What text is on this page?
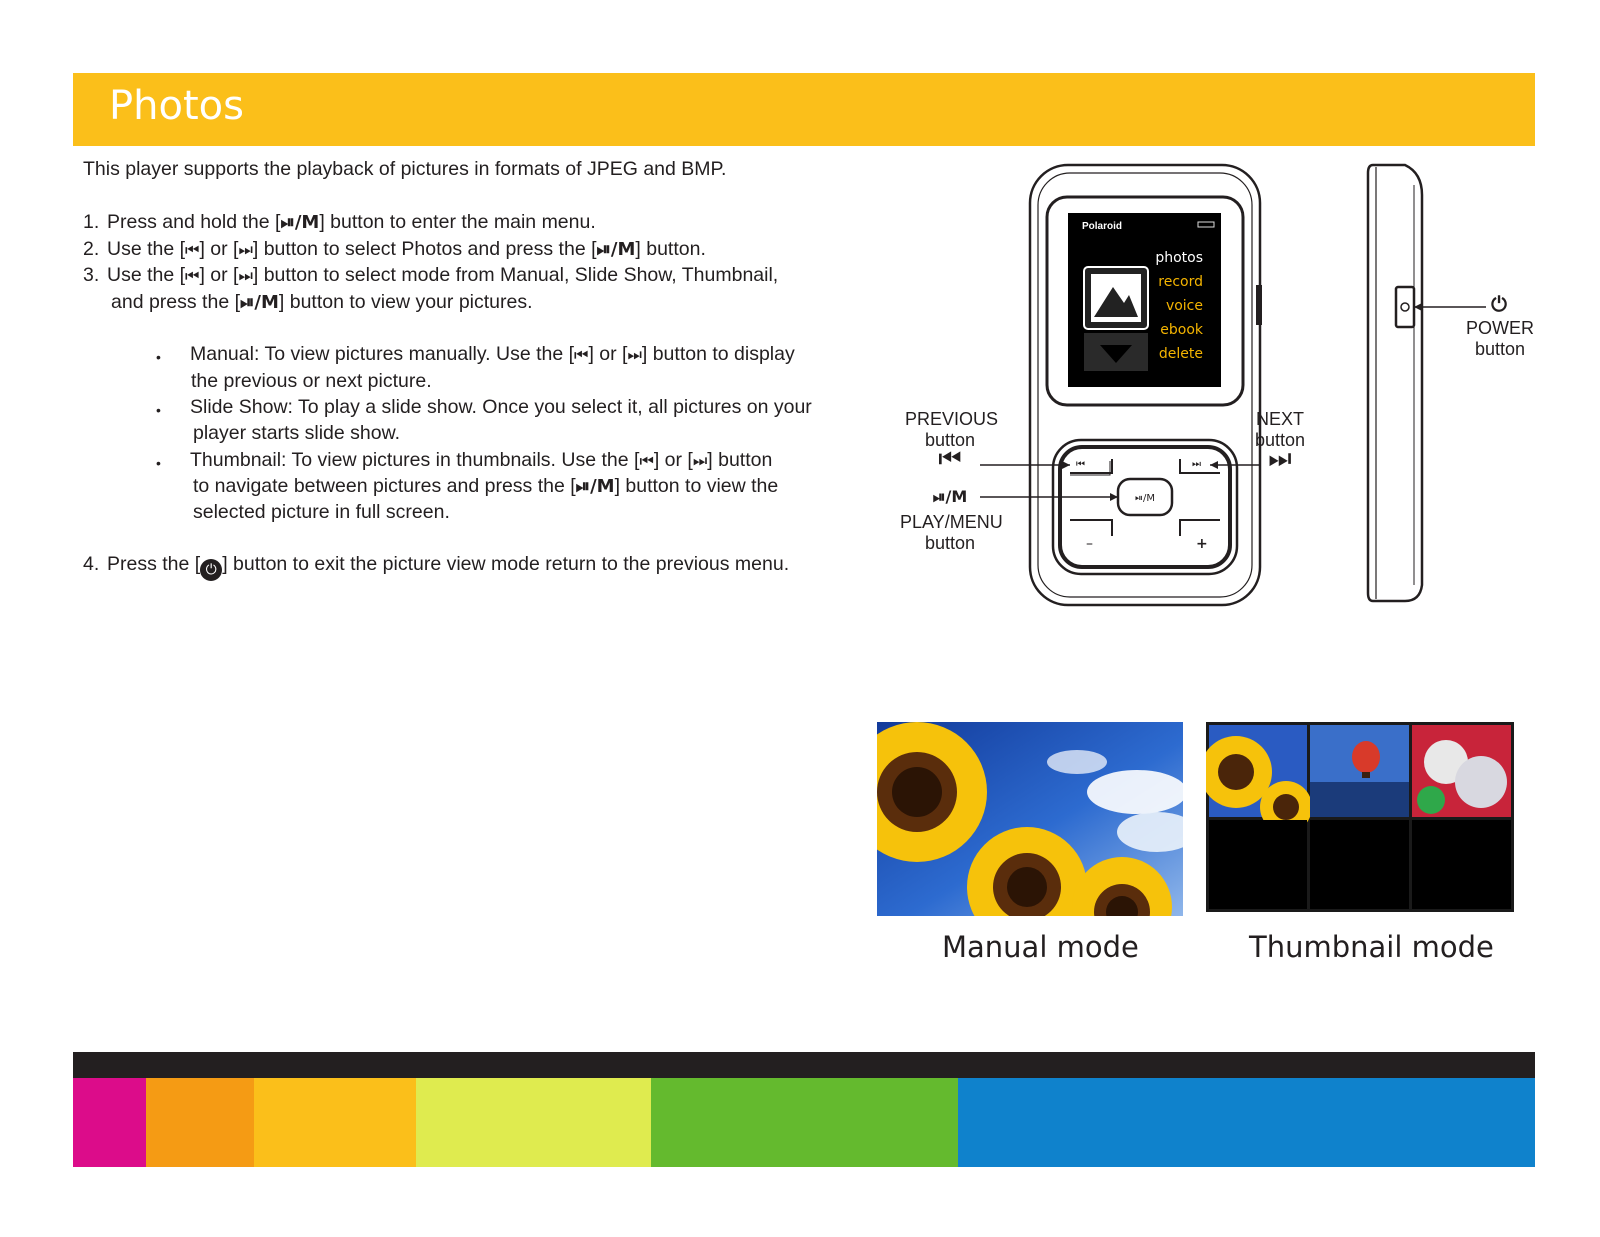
Photos
This player supports the playback of pictures in formats of JPEG and BMP.
1. Press and hold the [⏯/M] button to enter the main menu.
2. Use the [⏮] or [⏭] button to select Photos and press the [⏯/M] button.
3. Use the [⏮] or [⏭] button to select mode from Manual, Slide Show, Thumbnail,
and press the [⏯/M] button to view your pictures.
• Manual: To view pictures manually. Use the [⏮] or [⏭] button to display
the previous or next picture.
• Slide Show: To play a slide show. Once you select it, all pictures on your
player starts slide show.
• Thumbnail: To view pictures in thumbnails. Use the [⏮] or [⏭] button
to navigate between pictures and press the [⏯/M] button to view the
selected picture in full screen.
4. Press the [ ⏻ ] button to exit the picture view mode return to the previous menu.
Polaroid
photos
record
voice
ebook
delete
⏮	⏭
⏯/M
–	+
PREVIOUS
button
⏮
NEXT
button
⏭
⏯/M
PLAY/MENU
button
⏻
POWER
button
Manual mode	Thumbnail mode
